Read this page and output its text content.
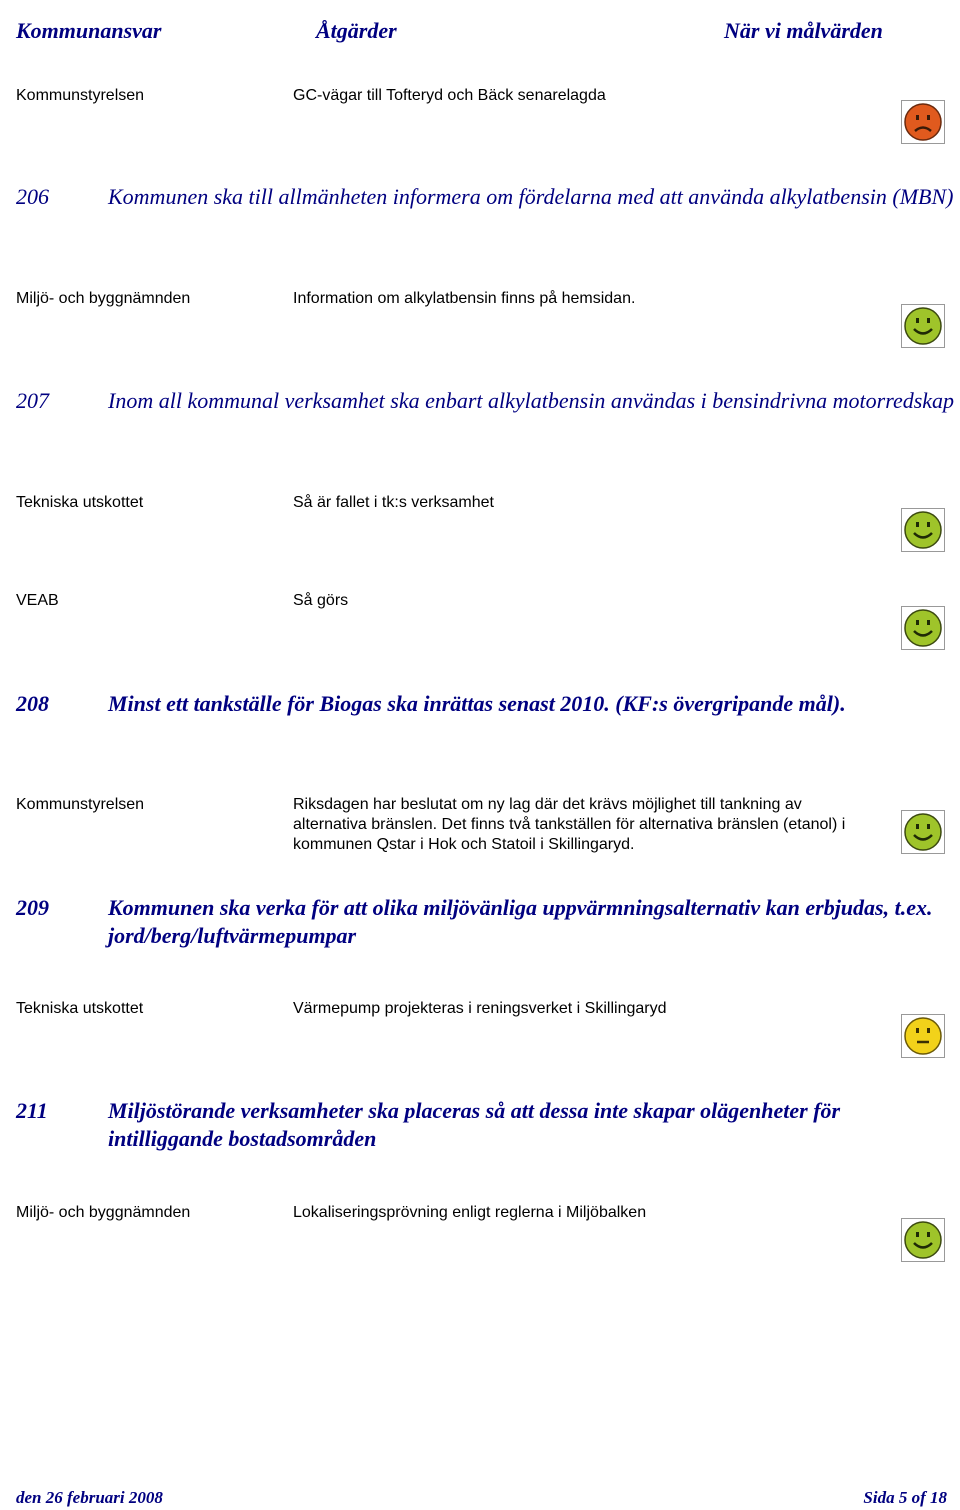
Kommunansvar	Åtgärder	När vi målvärden
Kommunstyrelsen	GC-vägar till Tofteryd och Bäck senarelagda
206	Kommunen ska till allmänheten informera om fördelarna med att använda alkylatbensin (MBN)
Miljö- och byggnämnden	Information om alkylatbensin finns på hemsidan.
207	Inom all kommunal verksamhet ska enbart alkylatbensin användas i bensindrivna motorredskap
Tekniska utskottet	Så är fallet i tk:s verksamhet
VEAB	Så görs
208	Minst ett tankställe för Biogas ska inrättas senast 2010. (KF:s övergripande mål).
Kommunstyrelsen	Riksdagen har beslutat om ny lag där det krävs möjlighet till tankning av alternativa bränslen. Det finns två tankställen för alternativa bränslen (etanol) i kommunen Qstar i Hok och Statoil i Skillingaryd.
209	Kommunen ska verka för att olika miljövänliga uppvärmningsalternativ kan erbjudas, t.ex. jord/berg/luftvärmepumpar
Tekniska utskottet	Värmepump projekteras i reningsverket i Skillingaryd
211	Miljöstörande verksamheter ska placeras så att dessa inte skapar olägenheter för intilliggande bostadsområden
Miljö- och byggnämnden	Lokaliseringsprövning enligt reglerna i Miljöbalken
den 26 februari 2008	Sida 5 of 18
